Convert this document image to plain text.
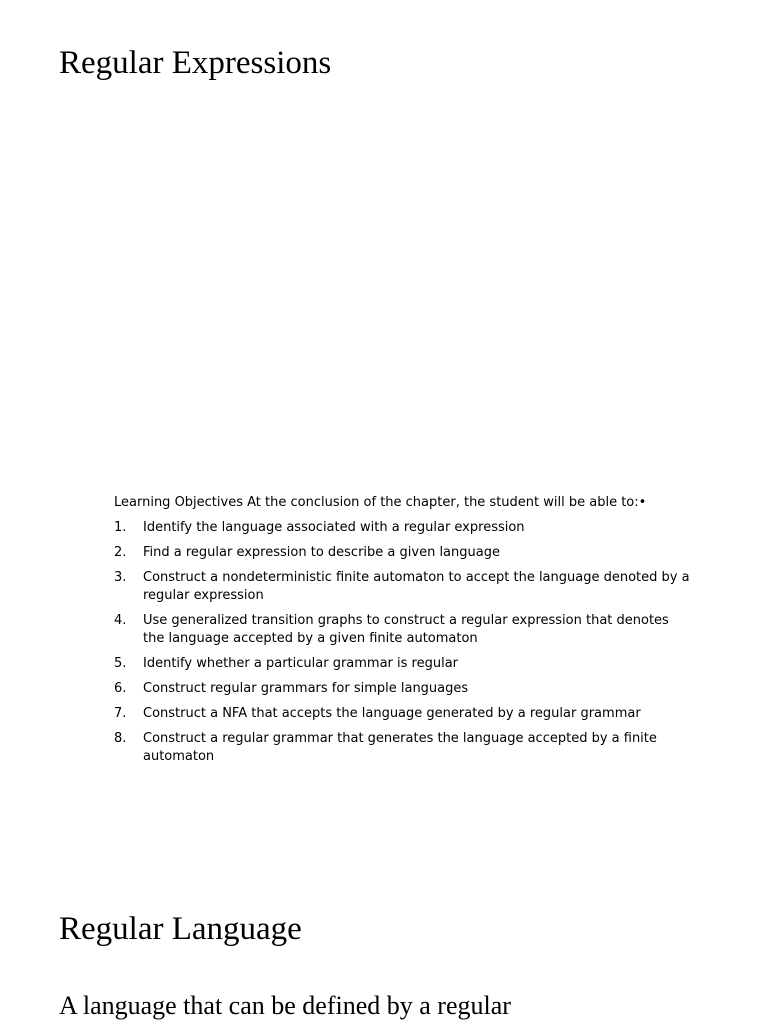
Regular Expressions

Learning Objectives At the conclusion of the chapter, the student will be able to:•

1.	Identify the language associated with a regular expression
2.	Find a regular expression to describe a given language
3.	Construct a nondeterministic finite automaton to accept the language denoted by a regular expression
4.	Use generalized transition graphs to construct a regular expression that denotes the language accepted by a given finite automaton
5.	Identify whether a particular grammar is regular
6.	Construct regular grammars for simple languages
7.	Construct a NFA that accepts the language generated by a regular grammar
8.	Construct a regular grammar that generates the language accepted by a finite automaton
Regular Language

A language that can be defined by a regular
